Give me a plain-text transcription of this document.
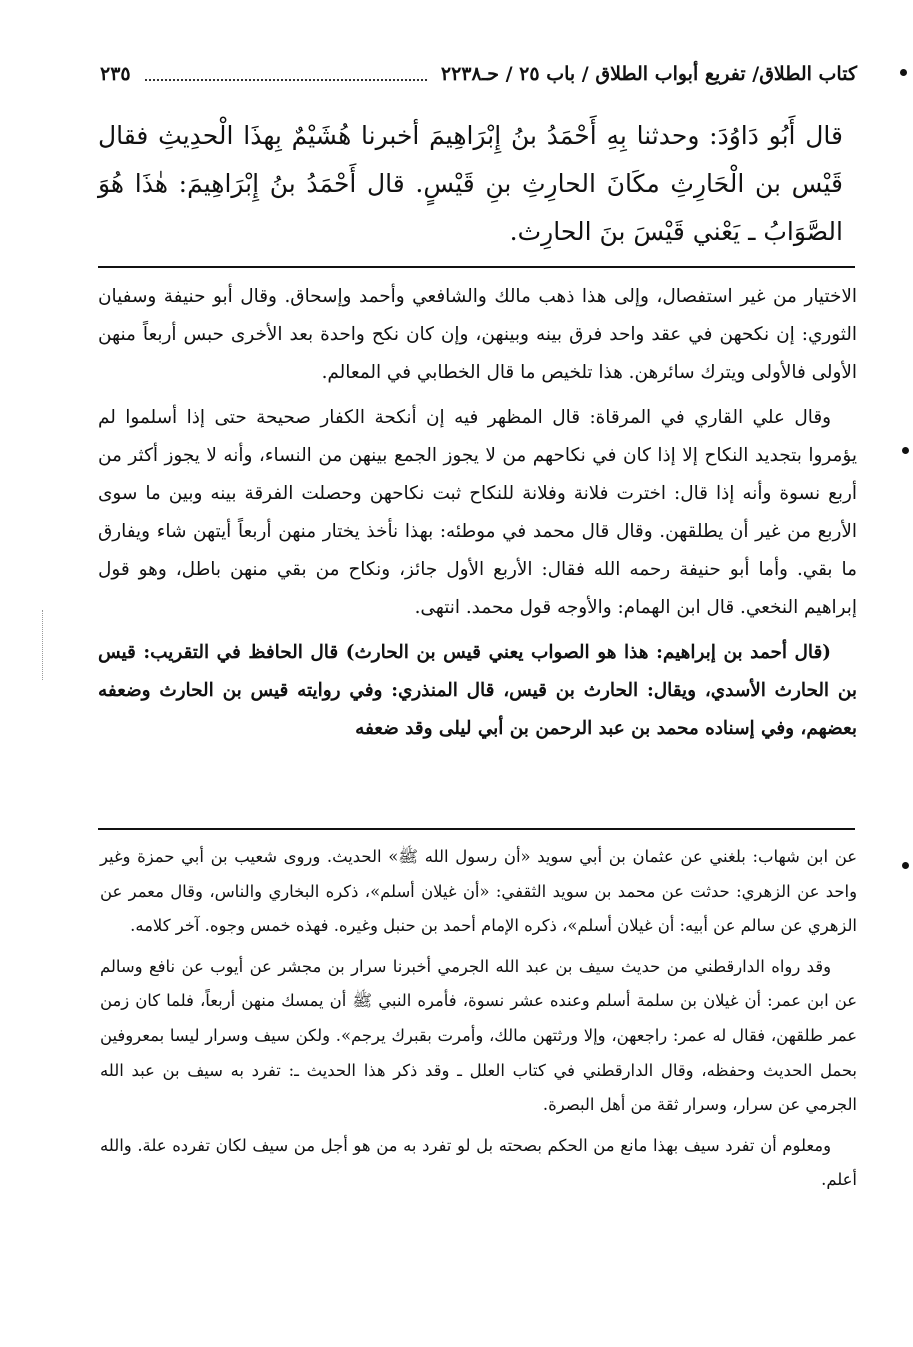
كتاب الطلاق/ تفريع أبواب الطلاق / باب ٢٥ / حـ٢٢٣٨
٢٣٥

قال أَبُو دَاوُدَ: وحدثنا بِهِ أَحْمَدُ بنُ إِبْرَاهِيمَ أخبرنا هُشَيْمٌ بِهذَا الْحدِيثِ فقال قَيْس بن الْحَارِثِ مكَانَ الحارِثِ بنِ قَيْسٍ. قال أَحْمَدُ بنُ إِبْرَاهِيمَ: هٰذَا هُوَ الصَّوَابُ ـ يَعْني قَيْسَ بنَ الحارِث.

الاختيار من غير استفصال، وإلى هذا ذهب مالك والشافعي وأحمد وإسحاق. وقال أبو حنيفة وسفيان الثوري: إن نكحهن في عقد واحد فرق بينه وبينهن، وإن كان نكح واحدة بعد الأخرى حبس أربعاً منهن الأولى فالأولى ويترك سائرهن. هذا تلخيص ما قال الخطابي في المعالم.

وقال علي القاري في المرقاة: قال المظهر فيه إن أنكحة الكفار صحيحة حتى إذا أسلموا لم يؤمروا بتجديد النكاح إلا إذا كان في نكاحهم من لا يجوز الجمع بينهن من النساء، وأنه لا يجوز أكثر من أربع نسوة وأنه إذا قال: اخترت فلانة وفلانة للنكاح ثبت نكاحهن وحصلت الفرقة بينه وبين ما سوى الأربع من غير أن يطلقهن. وقال قال محمد في موطئه: بهذا نأخذ يختار منهن أربعاً أيتهن شاء ويفارق ما بقي. وأما أبو حنيفة رحمه الله فقال: الأربع الأول جائز، ونكاح من بقي منهن باطل، وهو قول إبراهيم النخعي. قال ابن الهمام: والأوجه قول محمد. انتهى.

(قال أحمد بن إبراهيم: هذا هو الصواب يعني قيس بن الحارث) قال الحافظ في التقريب: قيس بن الحارث الأسدي، ويقال: الحارث بن قيس، قال المنذري: وفي روايته قيس بن الحارث وضعفه بعضهم، وفي إسناده محمد بن عبد الرحمن بن أبي ليلى وقد ضعفه

عن ابن شهاب: بلغني عن عثمان بن أبي سويد «أن رسول الله ﷺ» الحديث. وروى شعيب بن أبي حمزة وغير واحد عن الزهري: حدثت عن محمد بن سويد الثقفي: «أن غيلان أسلم»، ذكره البخاري والناس، وقال معمر عن الزهري عن سالم عن أبيه: أن غيلان أسلم»، ذكره الإمام أحمد بن حنبل وغيره. فهذه خمس وجوه. آخر كلامه.

وقد رواه الدارقطني من حديث سيف بن عبد الله الجرمي أخبرنا سرار بن مجشر عن أيوب عن نافع وسالم عن ابن عمر: أن غيلان بن سلمة أسلم وعنده عشر نسوة، فأمره النبي ﷺ أن يمسك منهن أربعاً، فلما كان زمن عمر طلقهن، فقال له عمر: راجعهن، وإلا ورثتهن مالك، وأمرت بقبرك يرجم». ولكن سيف وسرار ليسا بمعروفين بحمل الحديث وحفظه، وقال الدارقطني في كتاب العلل ـ وقد ذكر هذا الحديث ـ: تفرد به سيف بن عبد الله الجرمي عن سرار، وسرار ثقة من أهل البصرة.

ومعلوم أن تفرد سيف بهذا مانع من الحكم بصحته بل لو تفرد به من هو أجل من سيف لكان تفرده علة. والله أعلم.
